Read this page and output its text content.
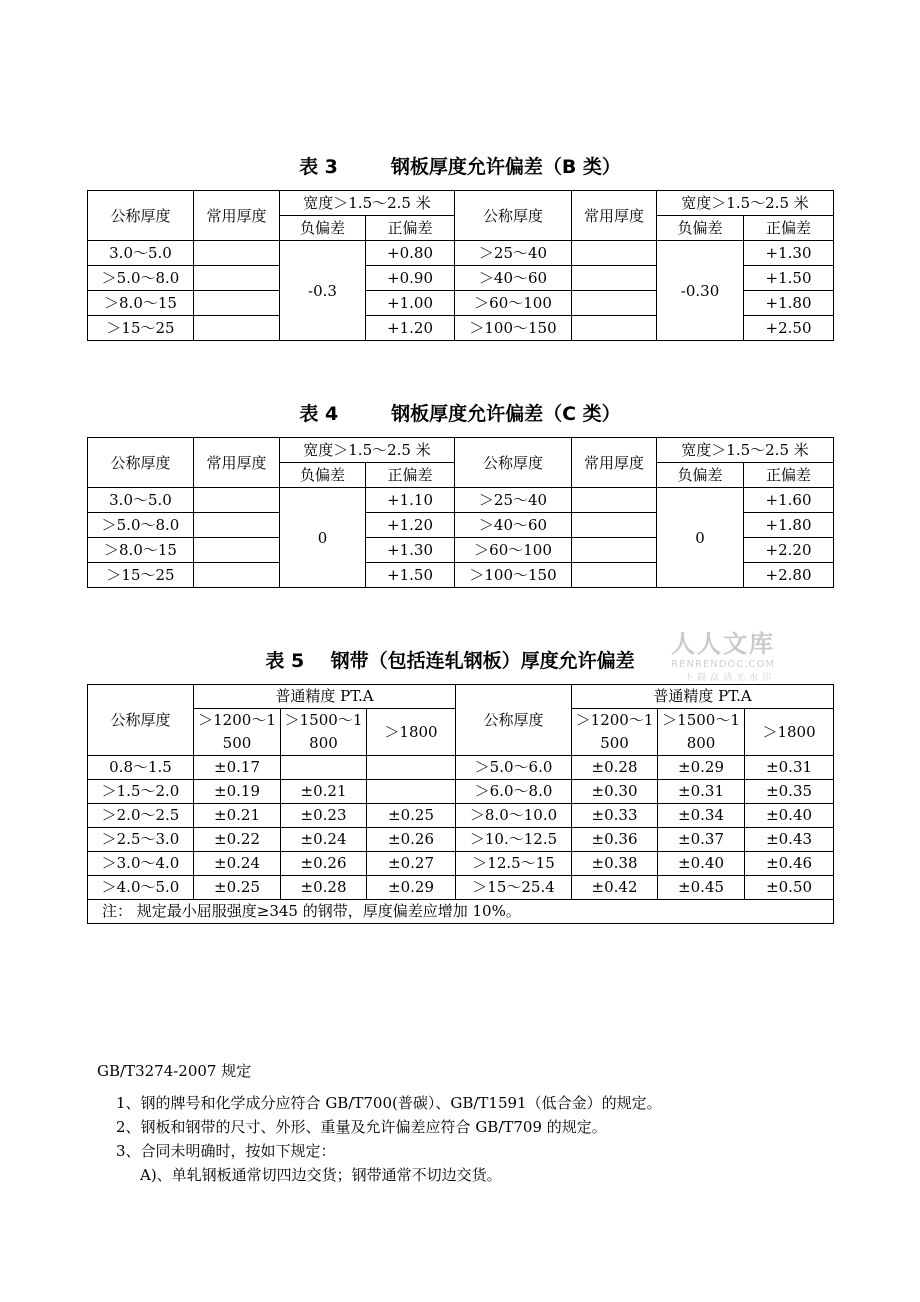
表 3        钢板厚度允许偏差（B 类）
公称厚度	常用厚度	宽度＞1.5～2.5 米		公称厚度	常用厚度	宽度＞1.5～2.5 米	
		负偏差	正偏差			负偏差	正偏差
3.0～5.0		-0.3	+0.80	＞25～40		-0.30	+1.30
＞5.0～8.0			+0.90	＞40～60			+1.50
＞8.0～15			+1.00	＞60～100			+1.80
＞15～25			+1.20	＞100～150			+2.50
表 4        钢板厚度允许偏差（C 类）
公称厚度	常用厚度	宽度＞1.5～2.5 米		公称厚度	常用厚度	宽度＞1.5～2.5 米	
		负偏差	正偏差			负偏差	正偏差
3.0～5.0		0	+1.10	＞25～40		0	+1.60
＞5.0～8.0			+1.20	＞40～60			+1.80
＞8.0～15			+1.30	＞60～100			+2.20
＞15～25			+1.50	＞100～150			+2.80
人人文库
RENRENDOC.COM
下载高清无水印
表 5    钢带（包括连轧钢板）厚度允许偏差
公称厚度	普通精度 PT.A			公称厚度	普通精度 PT.A		
	＞1200～1500	＞1500～1800	＞1800		＞1200～1500	＞1500～1800	＞1800
0.8～1.5	±0.17			＞5.0～6.0	±0.28	±0.29	±0.31
＞1.5～2.0	±0.19	±0.21		＞6.0～8.0	±0.30	±0.31	±0.35
＞2.0～2.5	±0.21	±0.23	±0.25	＞8.0～10.0	±0.33	±0.34	±0.40
＞2.5～3.0	±0.22	±0.24	±0.26	＞10.～12.5	±0.36	±0.37	±0.43
＞3.0～4.0	±0.24	±0.26	±0.27	＞12.5～15	±0.38	±0.40	±0.46
＞4.0～5.0	±0.25	±0.28	±0.29	＞15～25.4	±0.42	±0.45	±0.50
注： 规定最小屈服强度≥345 的钢带，厚度偏差应增加 10%。							
GB/T3274-2007 规定
1、钢的牌号和化学成分应符合 GB/T700(普碳）、GB/T1591（低合金）的规定。
2、钢板和钢带的尺寸、外形、重量及允许偏差应符合 GB/T709 的规定。
3、合同未明确时，按如下规定：
A)、单轧钢板通常切四边交货；钢带通常不切边交货。
